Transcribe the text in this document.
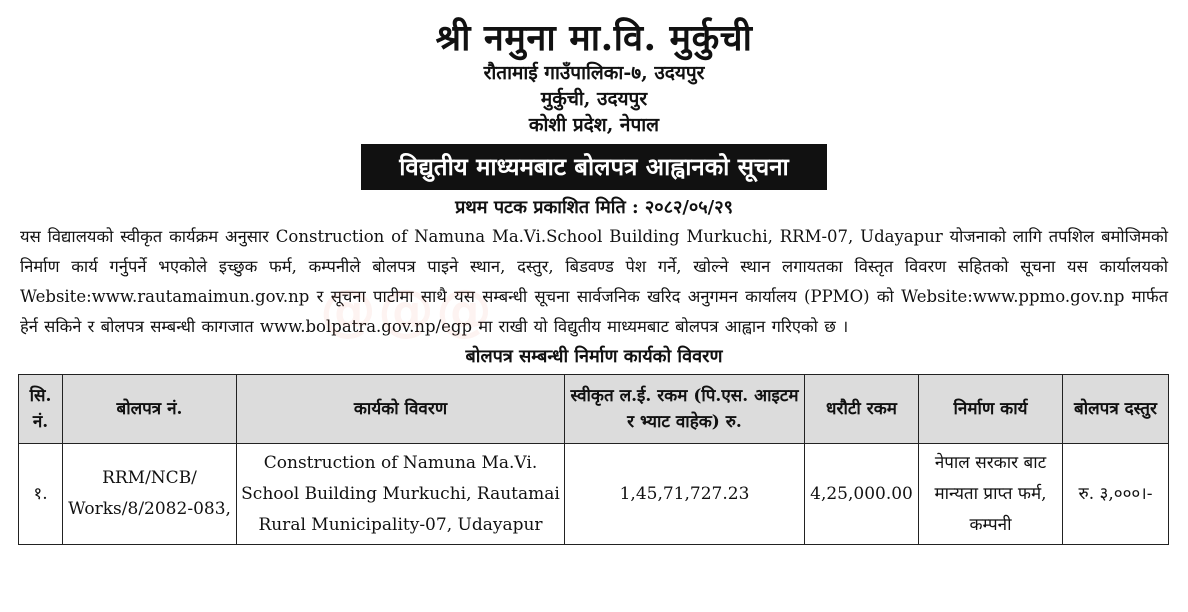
@@@
श्री नमुना मा.वि. मुर्कुची
रौतामाई गाउँपालिका-७, उदयपुर
मुर्कुची, उदयपुर
कोशी प्रदेश, नेपाल
विद्युतीय माध्यमबाट बोलपत्र आह्वानको सूचना
प्रथम पटक प्रकाशित मिति : २०८२/०५/२९

यस विद्यालयको स्वीकृत कार्यक्रम अनुसार Construction of Namuna Ma.Vi.School Building Murkuchi, RRM-07, Udayapur योजनाको लागि तपशिल बमोजिमको निर्माण कार्य गर्नुपर्ने भएकोले इच्छुक फर्म, कम्पनीले बोलपत्र पाइने स्थान, दस्तुर, बिडवण्ड पेश गर्ने, खोल्ने स्थान लगायतका विस्तृत विवरण सहितको सूचना यस कार्यालयको Website:www.rautamaimun.gov.np र सूचना पाटीमा साथै यस सम्बन्धी सूचना सार्वजनिक खरिद अनुगमन कार्यालय (PPMO) को Website:www.ppmo.gov.np मार्फत हेर्न सकिने र बोलपत्र सम्बन्धी कागजात www.bolpatra.gov.np/egp मा राखी यो विद्युतीय माध्यमबाट बोलपत्र आह्वान गरिएको छ ।

बोलपत्र सम्बन्धी निर्माण कार्यको विवरण
सि. नं.	बोलपत्र नं.	कार्यको विवरण	स्वीकृत ल.ई. रकम (पि.एस. आइटम र भ्याट वाहेक) रु.	धरौटी रकम	निर्माण कार्य	बोलपत्र दस्तुर
१.	RRM/NCB/ Works/8/2082-083,	Construction of Namuna Ma.Vi. School Building Murkuchi, Rautamai Rural Municipality-07, Udayapur	1,45,71,727.23	4,25,000.00	नेपाल सरकार बाट मान्यता प्राप्त फर्म, कम्पनी	रु. ३,०००।-
